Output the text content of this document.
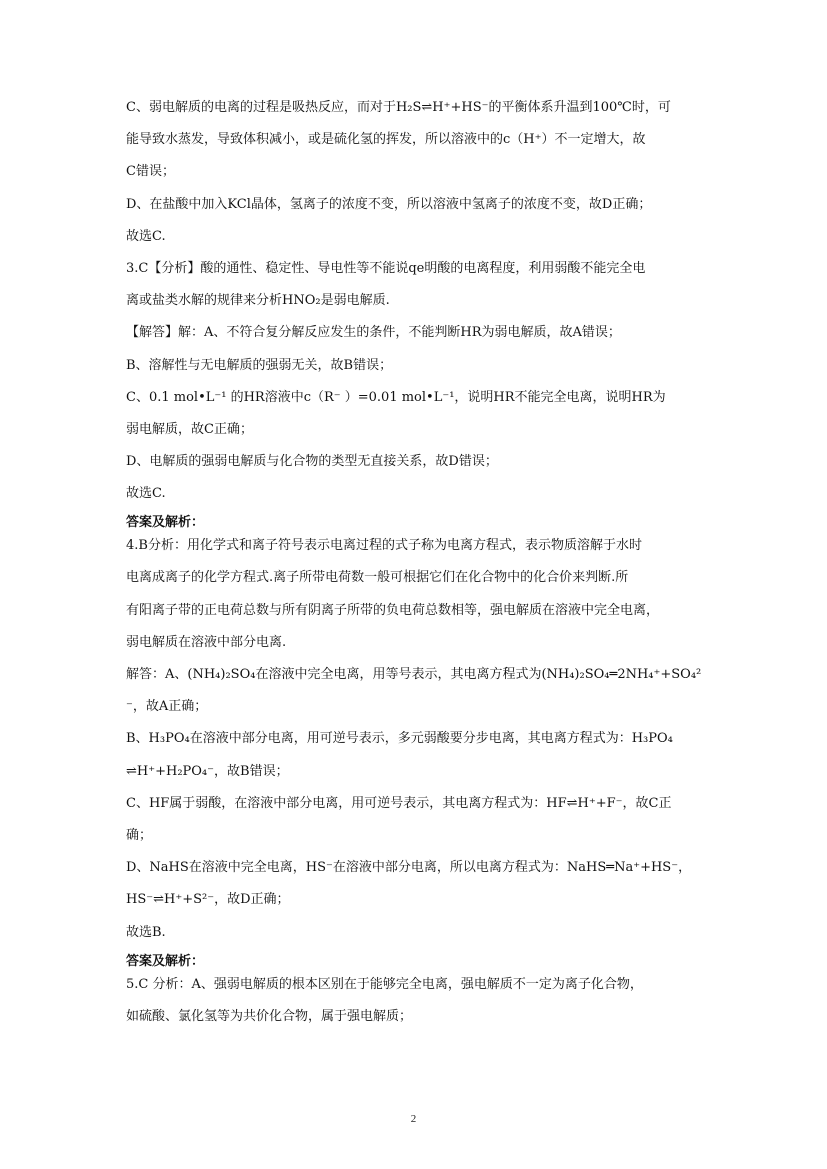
C、弱电解质的电离的过程是吸热反应，而对于H₂S⇌H⁺+HS⁻的平衡体系升温到100℃时，可
能导致水蒸发，导致体积减小，或是硫化氢的挥发，所以溶液中的c（H⁺）不一定增大，故
C错误；
D、在盐酸中加入KCl晶体，氢离子的浓度不变，所以溶液中氢离子的浓度不变，故D正确；
故选C.
3.C【分析】酸的通性、稳定性、导电性等不能说qe明酸的电离程度，利用弱酸不能完全电
离或盐类水解的规律来分析HNO₂是弱电解质.
【解答】解：A、不符合复分解反应发生的条件，不能判断HR为弱电解质，故A错误；
B、溶解性与无电解质的强弱无关，故B错误；
C、0.1 mol•L⁻¹ 的HR溶液中c（R⁻ ）=0.01 mol•L⁻¹，说明HR不能完全电离，说明HR为
弱电解质，故C正确；
D、电解质的强弱电解质与化合物的类型无直接关系，故D错误；
故选C.
答案及解析：
4.B分析：用化学式和离子符号表示电离过程的式子称为电离方程式，表示物质溶解于水时
电离成离子的化学方程式.离子所带电荷数一般可根据它们在化合物中的化合价来判断.所
有阳离子带的正电荷总数与所有阴离子所带的负电荷总数相等，强电解质在溶液中完全电离，
弱电解质在溶液中部分电离.
解答：A、(NH₄)₂SO₄在溶液中完全电离，用等号表示，其电离方程式为(NH₄)₂SO₄═2NH₄⁺+SO₄²
⁻，故A正确；
B、H₃PO₄在溶液中部分电离，用可逆号表示，多元弱酸要分步电离，其电离方程式为：H₃PO₄
⇌H⁺+H₂PO₄⁻，故B错误；
C、HF属于弱酸，在溶液中部分电离，用可逆号表示，其电离方程式为：HF⇌H⁺+F⁻，故C正
确；
D、NaHS在溶液中完全电离，HS⁻在溶液中部分电离，所以电离方程式为：NaHS═Na⁺+HS⁻，
HS⁻⇌H⁺+S²⁻，故D正确；
故选B.
答案及解析：
5.C 分析：A、强弱电解质的根本区别在于能够完全电离，强电解质不一定为离子化合物，
如硫酸、氯化氢等为共价化合物，属于强电解质；
2
